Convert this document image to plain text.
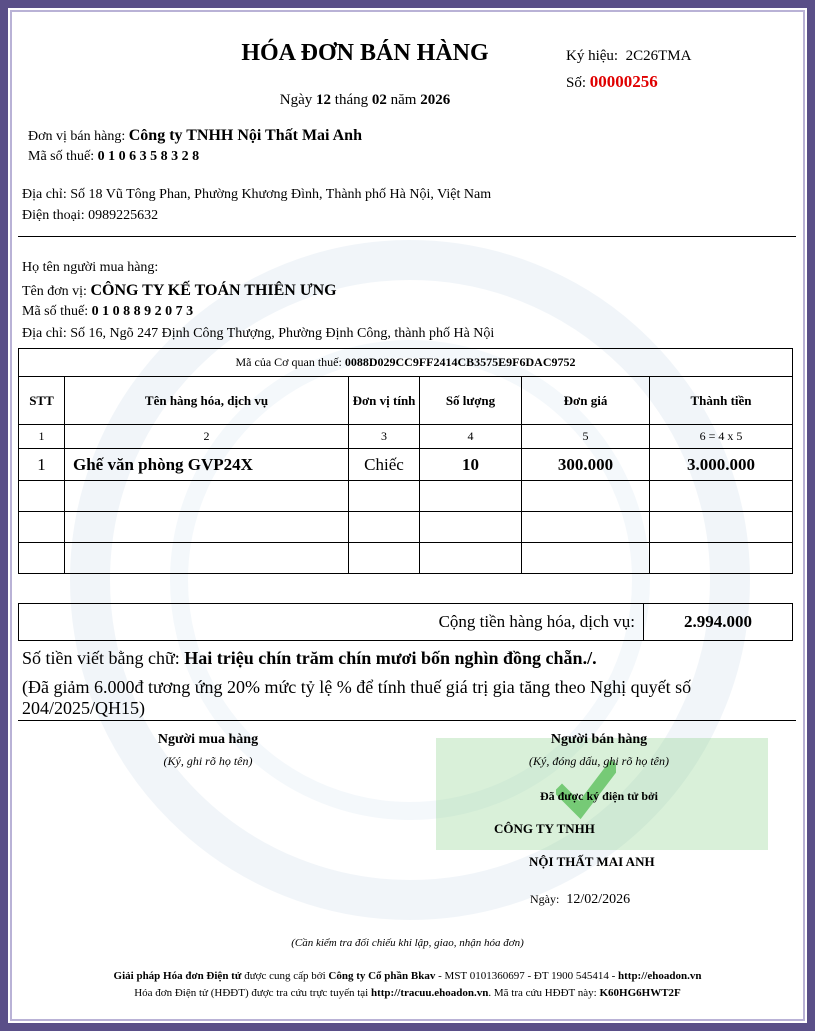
HÓA ĐƠN BÁN HÀNG
Ngày 12 tháng 02 năm 2026
Ký hiệu: 2C26TMA
Số: 00000256
Đơn vị bán hàng: Công ty TNHH Nội Thất Mai Anh
Mã số thuế: 0 1 0 6 3 5 8 3 2 8
Địa chỉ: Số 18 Vũ Tông Phan, Phường Khương Đình, Thành phố Hà Nội, Việt Nam
Điện thoại: 0989225632
Họ tên người mua hàng:
Tên đơn vị: CÔNG TY KẾ TOÁN THIÊN ƯNG
Mã số thuế: 0 1 0 8 8 9 2 0 7 3
Địa chỉ: Số 16, Ngõ 247 Định Công Thượng, Phường Định Công, thành phố Hà Nội
Mã của Cơ quan thuế: 0088D029CC9FF2414CB3575E9F6DAC9752					
STT	Tên hàng hóa, dịch vụ	Đơn vị tính	Số lượng	Đơn giá	Thành tiền
1	2	3	4	5	6 = 4 x 5
1	Ghế văn phòng GVP24X	Chiếc	10	300.000	3.000.000

Cộng tiền hàng hóa, dịch vụ:	2.994.000
Số tiền viết bằng chữ: Hai triệu chín trăm chín mươi bốn nghìn đồng chẵn./.
(Đã giảm 6.000đ tương ứng 20% mức tỷ lệ % để tính thuế giá trị gia tăng theo Nghị quyết số 204/2025/QH15)
Người mua hàng
(Ký, ghi rõ họ tên)
Người bán hàng
(Ký, đóng dấu, ghi rõ họ tên)
Đã được ký điện tử bởi
CÔNG TY TNHH
NỘI THẤT MAI ANH
Ngày: 12/02/2026
(Cần kiểm tra đối chiếu khi lập, giao, nhận hóa đơn)
Giải pháp Hóa đơn Điện tử được cung cấp bởi Công ty Cổ phần Bkav - MST 0101360697 - ĐT 1900 545414 - http://ehoadon.vn
Hóa đơn Điện tử (HĐĐT) được tra cứu trực tuyến tại http://tracuu.ehoadon.vn. Mã tra cứu HĐĐT này: K60HG6HWT2F
